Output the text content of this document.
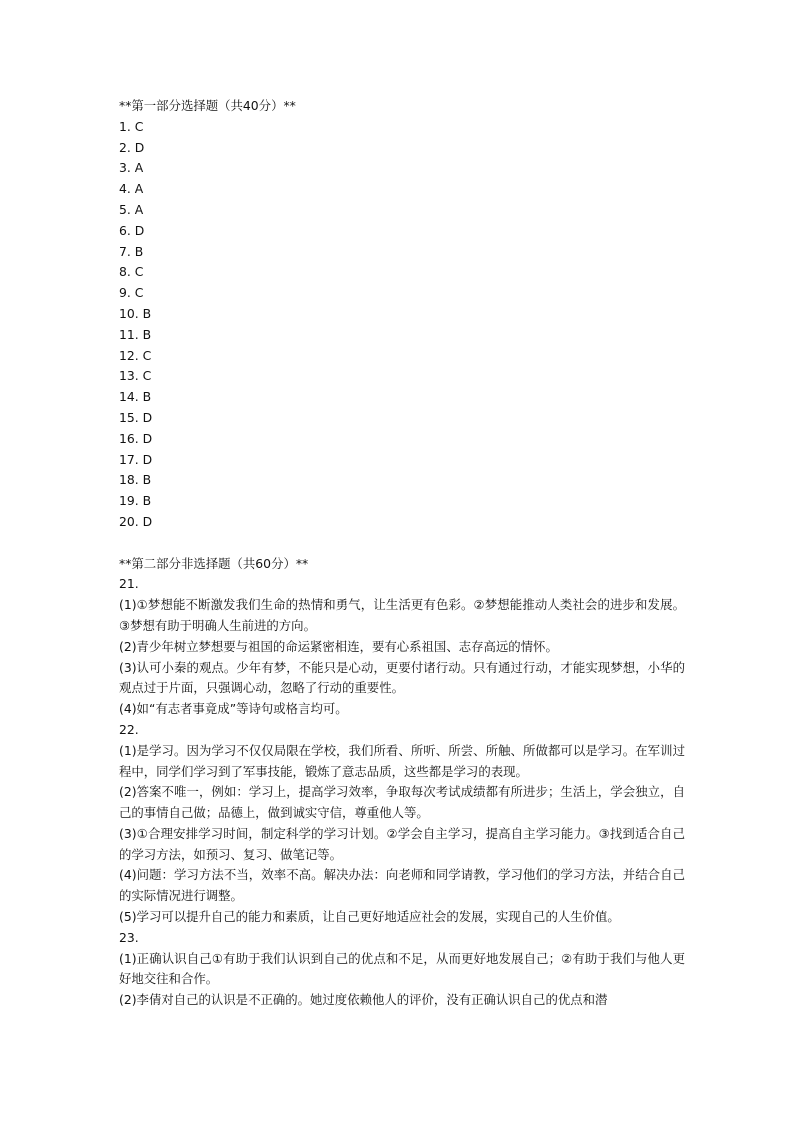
**第一部分选择题（共40分）**
1. C
2. D
3. A
4. A
5. A
6. D
7. B
8. C
9. C
10. B
11. B
12. C
13. C
14. B
15. D
16. D
17. D
18. B
19. B
20. D
**第二部分非选择题（共60分）**
21.
(1)①梦想能不断激发我们生命的热情和勇气，让生活更有色彩。②梦想能推动人类社会的进步和发展。③梦想有助于明确人生前进的方向。
(2)青少年树立梦想要与祖国的命运紧密相连，要有心系祖国、志存高远的情怀。
(3)认可小秦的观点。少年有梦，不能只是心动，更要付诸行动。只有通过行动，才能实现梦想，小华的观点过于片面，只强调心动，忽略了行动的重要性。
(4)如“有志者事竟成”等诗句或格言均可。
22.
(1)是学习。因为学习不仅仅局限在学校，我们所看、所听、所尝、所触、所做都可以是学习。在军训过程中，同学们学习到了军事技能，锻炼了意志品质，这些都是学习的表现。
(2)答案不唯一，例如：学习上，提高学习效率，争取每次考试成绩都有所进步；生活上，学会独立，自己的事情自己做；品德上，做到诚实守信，尊重他人等。
(3)①合理安排学习时间，制定科学的学习计划。②学会自主学习，提高自主学习能力。③找到适合自己的学习方法，如预习、复习、做笔记等。
(4)问题：学习方法不当，效率不高。解决办法：向老师和同学请教，学习他们的学习方法，并结合自己的实际情况进行调整。
(5)学习可以提升自己的能力和素质，让自己更好地适应社会的发展，实现自己的人生价值。
23.
(1)正确认识自己①有助于我们认识到自己的优点和不足，从而更好地发展自己；②有助于我们与他人更好地交往和合作。
(2)李倩对自己的认识是不正确的。她过度依赖他人的评价，没有正确认识自己的优点和潜
